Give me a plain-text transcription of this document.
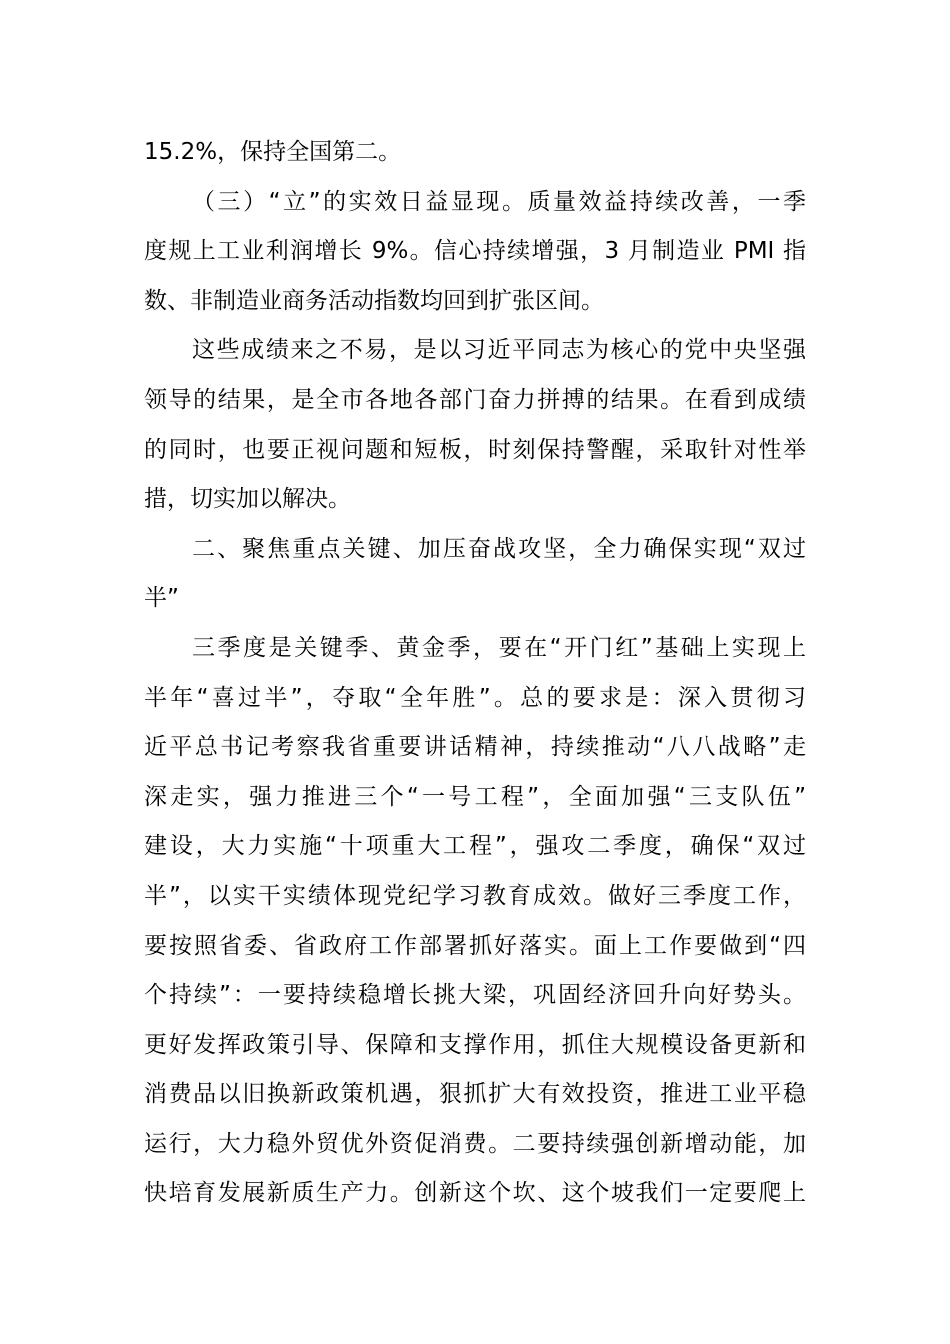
15.2%，保持全国第二。
（三）“立”的实效日益显现。质量效益持续改善，一季
度规上工业利润增长 9%。信心持续增强，3 月制造业 PMI 指
数、非制造业商务活动指数均回到扩张区间。
这些成绩来之不易，是以习近平同志为核心的党中央坚强
领导的结果，是全市各地各部门奋力拼搏的结果。在看到成绩
的同时，也要正视问题和短板，时刻保持警醒，采取针对性举
措，切实加以解决。
二、聚焦重点关键、加压奋战攻坚，全力确保实现“双过
半”
三季度是关键季、黄金季，要在“开门红”基础上实现上
半年“喜过半”，夺取“全年胜”。总的要求是：深入贯彻习
近平总书记考察我省重要讲话精神，持续推动“八八战略”走
深走实，强力推进三个“一号工程”，全面加强“三支队伍”
建设，大力实施“十项重大工程”，强攻二季度，确保“双过
半”，以实干实绩体现党纪学习教育成效。做好三季度工作，
要按照省委、省政府工作部署抓好落实。面上工作要做到“四
个持续”：一要持续稳增长挑大梁，巩固经济回升向好势头。
更好发挥政策引导、保障和支撑作用，抓住大规模设备更新和
消费品以旧换新政策机遇，狠抓扩大有效投资，推进工业平稳
运行，大力稳外贸优外资促消费。二要持续强创新增动能，加
快培育发展新质生产力。创新这个坎、这个坡我们一定要爬上
